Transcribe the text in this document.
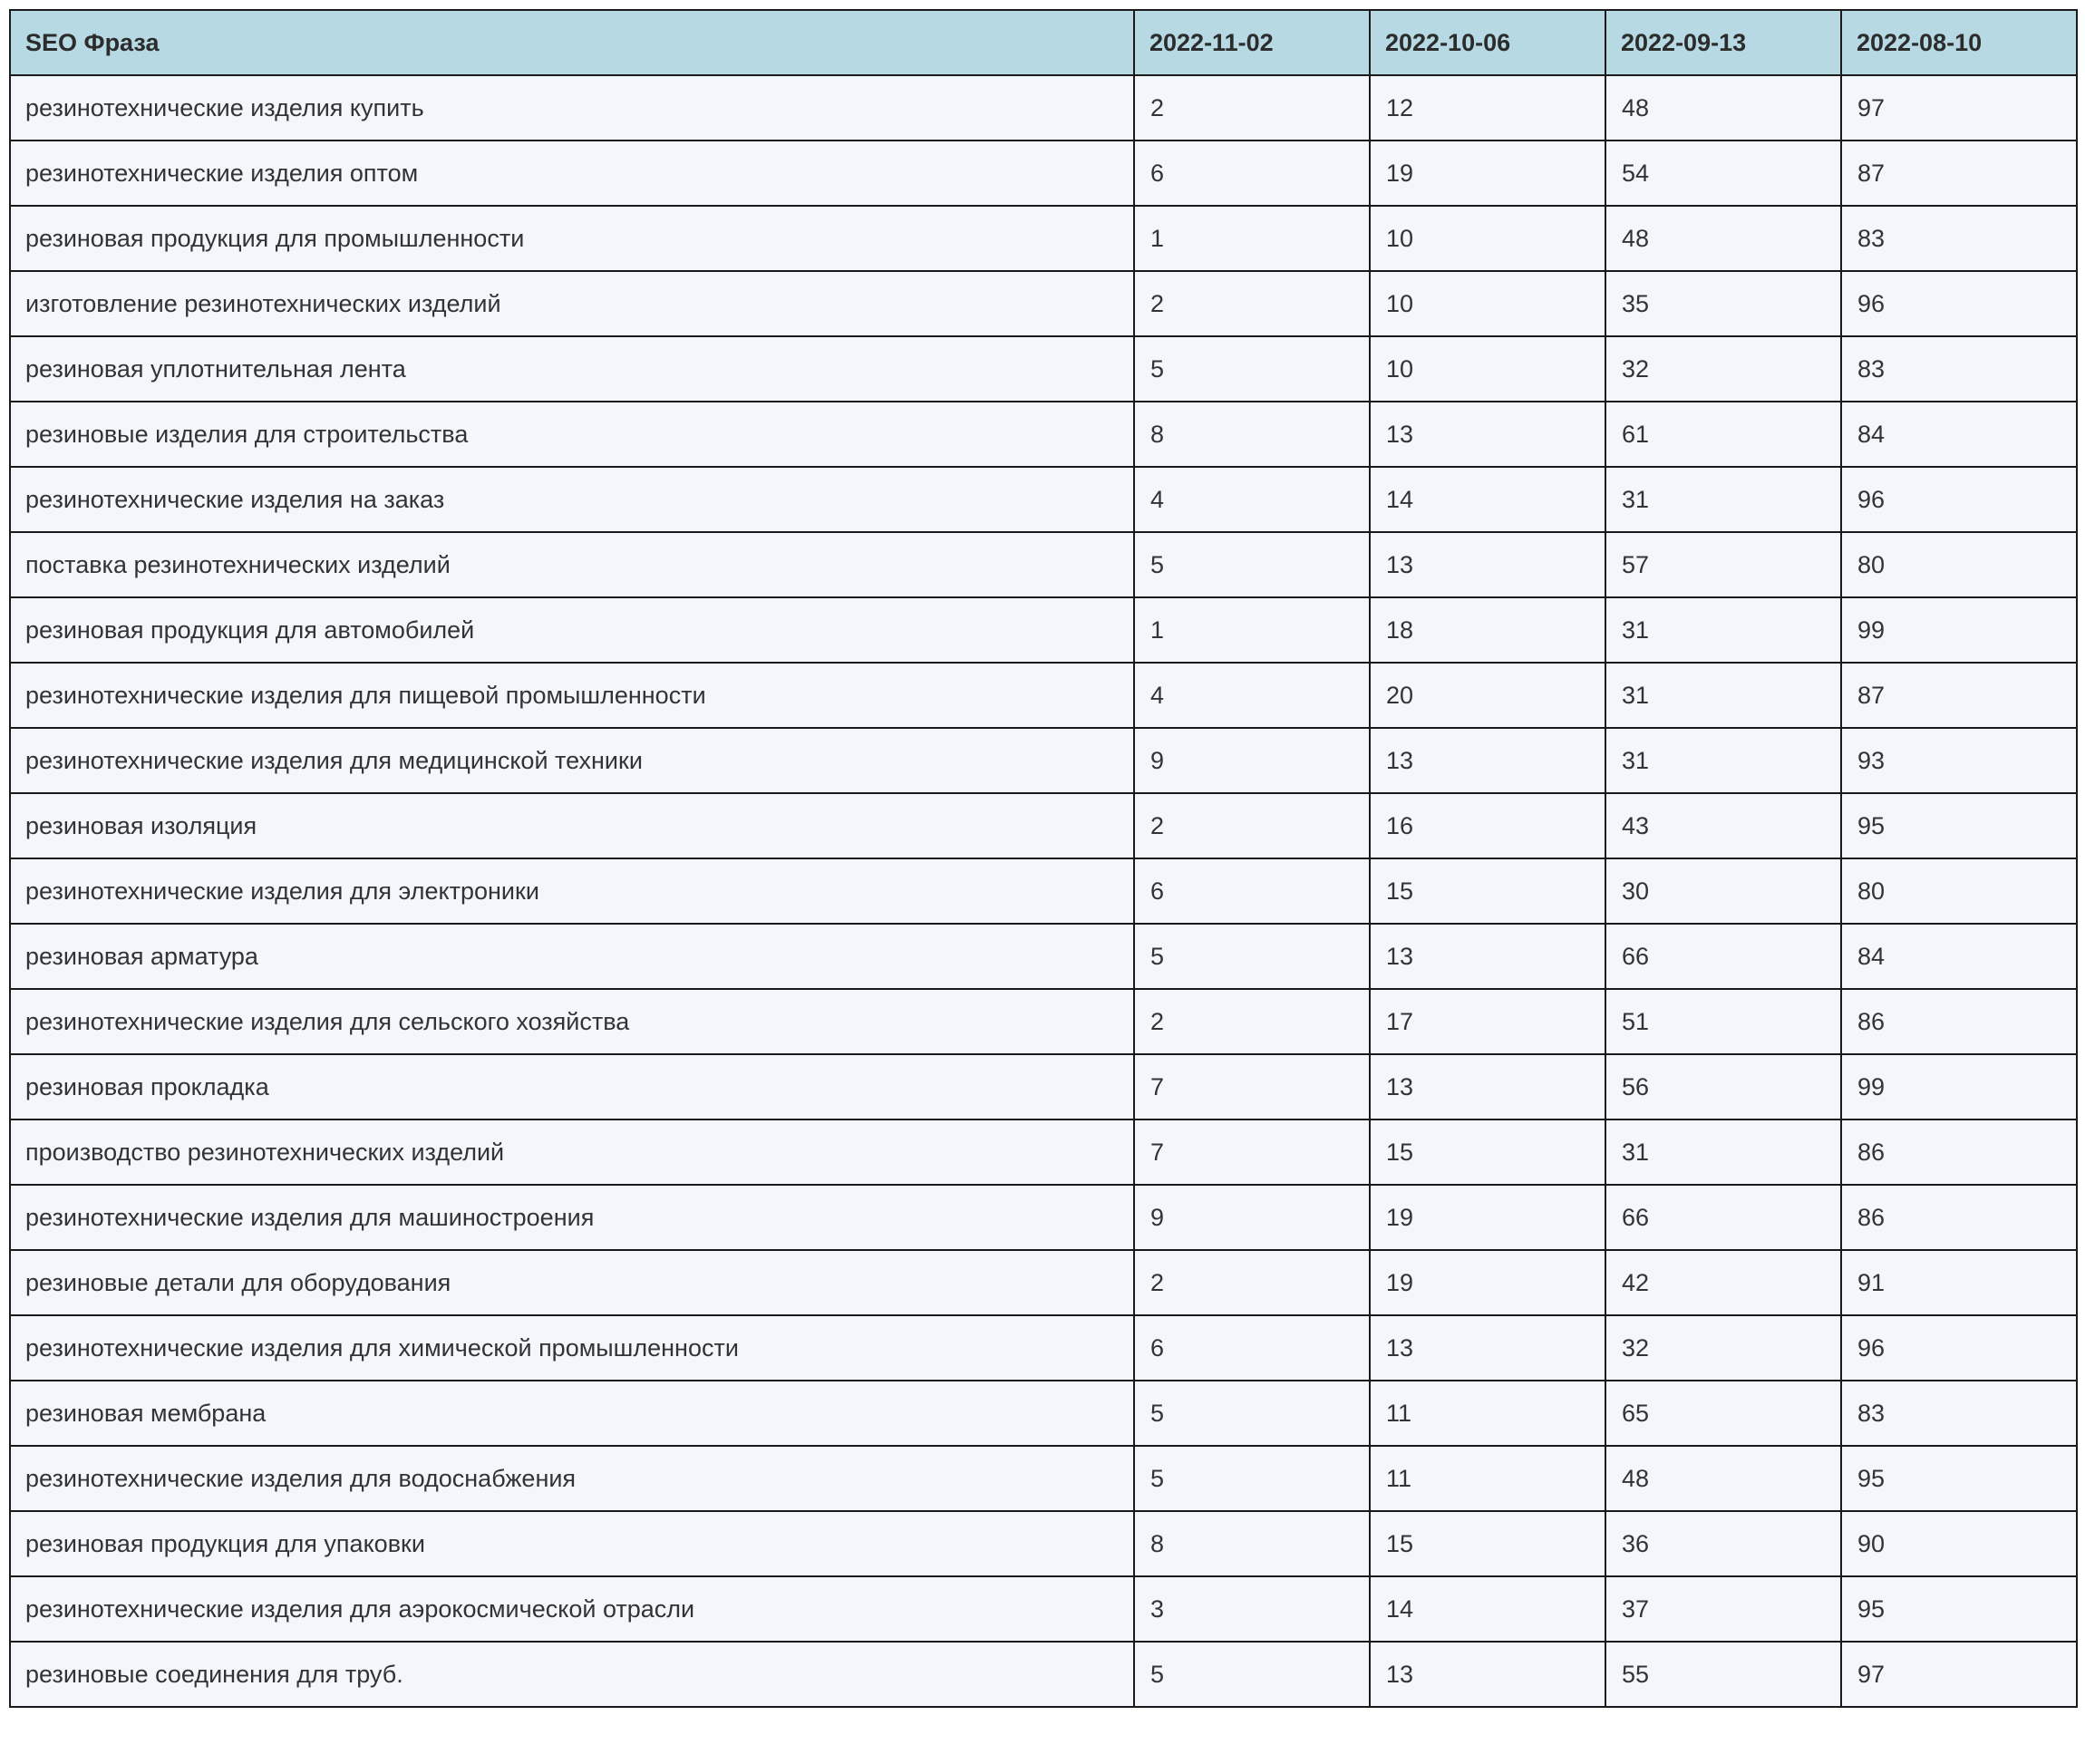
SEO Фраза	2022-11-02	2022-10-06	2022-09-13	2022-08-10
резинотехнические изделия купить	2	12	48	97
резинотехнические изделия оптом	6	19	54	87
резиновая продукция для промышленности	1	10	48	83
изготовление резинотехнических изделий	2	10	35	96
резиновая уплотнительная лента	5	10	32	83
резиновые изделия для строительства	8	13	61	84
резинотехнические изделия на заказ	4	14	31	96
поставка резинотехнических изделий	5	13	57	80
резиновая продукция для автомобилей	1	18	31	99
резинотехнические изделия для пищевой промышленности	4	20	31	87
резинотехнические изделия для медицинской техники	9	13	31	93
резиновая изоляция	2	16	43	95
резинотехнические изделия для электроники	6	15	30	80
резиновая арматура	5	13	66	84
резинотехнические изделия для сельского хозяйства	2	17	51	86
резиновая прокладка	7	13	56	99
производство резинотехнических изделий	7	15	31	86
резинотехнические изделия для машиностроения	9	19	66	86
резиновые детали для оборудования	2	19	42	91
резинотехнические изделия для химической промышленности	6	13	32	96
резиновая мембрана	5	11	65	83
резинотехнические изделия для водоснабжения	5	11	48	95
резиновая продукция для упаковки	8	15	36	90
резинотехнические изделия для аэрокосмической отрасли	3	14	37	95
резиновые соединения для труб.	5	13	55	97
